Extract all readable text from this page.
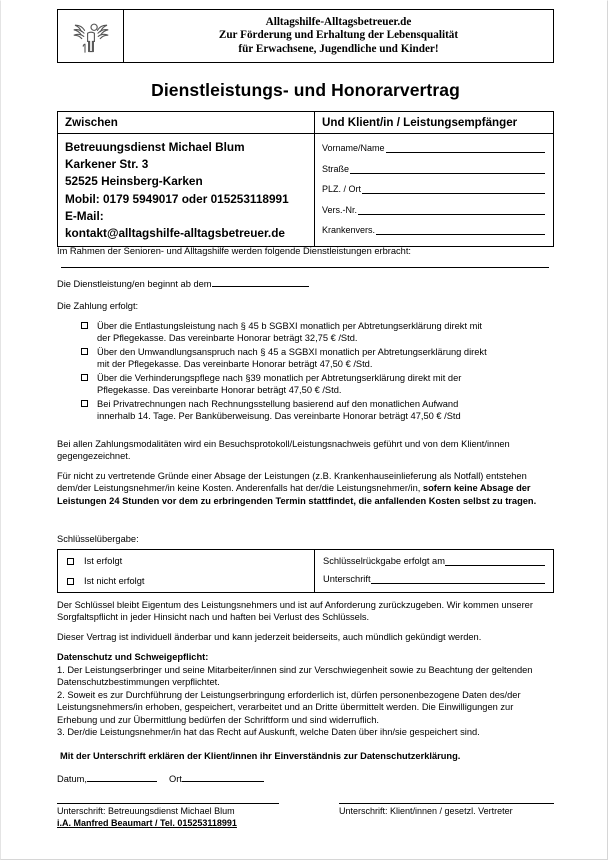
Alltagshilfe-Alltagsbetreuer.de
Zur Förderung und Erhaltung der Lebensqualität
für Erwachsene, Jugendliche und Kinder!
Dienstleistungs- und Honorarvertrag
Zwischen	Und Klient/in / Leistungsempfänger
Betreuungsdienst Michael Blum
Karkener Str. 3
52525 Heinsberg-Karken
Mobil: 0179 5949017 oder 015253118991
E-Mail:
kontakt@alltagshilfe-alltagsbetreuer.de
Vorname/Name
Straße
PLZ. / Ort
Vers.-Nr.
Krankenvers.
Im Rahmen der Senioren- und Alltagshilfe werden folgende Dienstleistungen erbracht:
Die Dienstleistung/en beginnt ab dem
Die Zahlung erfolgt:
Über die Entlastungsleistung nach § 45 b SGBXI monatlich per Abtretungserklärung direkt mit der Pflegekasse. Das vereinbarte Honorar beträgt 32,75 € /Std.
Über den Umwandlungsanspruch nach § 45 a SGBXI monatlich per Abtretungserklärung direkt mit der Pflegekasse. Das vereinbarte Honorar beträgt 47,50 € /Std.
Über die Verhinderungspflege nach §39 monatlich per Abtretungserklärung direkt mit der Pflegekasse. Das vereinbarte Honorar beträgt 47,50 € /Std.
Bei Privatrechnungen nach Rechnungsstellung basierend auf den monatlichen Aufwand innerhalb 14. Tage. Per Banküberweisung. Das vereinbarte Honorar beträgt 47,50 € /Std
Bei allen Zahlungsmodalitäten wird ein Besuchsprotokoll/Leistungsnachweis geführt und von dem Klient/innen gegengezeichnet.
Für nicht zu vertretende Gründe einer Absage der Leistungen (z.B. Krankenhauseinlieferung als Notfall) entstehen dem/der Leistungsnehmer/in keine Kosten. Anderenfalls hat der/die Leistungsnehmer/in, sofern keine Absage der Leistungen 24 Stunden vor dem zu erbringenden Termin stattfindet, die anfallenden Kosten selbst zu tragen.
Schlüsselübergabe:
Ist erfolgt
Ist nicht erfolgt
Schlüsselrückgabe erfolgt am
Unterschrift
Der Schlüssel bleibt Eigentum des Leistungsnehmers und ist auf Anforderung zurückzugeben. Wir kommen unserer Sorgfaltspflicht in jeder Hinsicht nach und haften bei Verlust des Schlüssels.
Dieser Vertrag ist individuell änderbar und kann jederzeit beiderseits, auch mündlich gekündigt werden.
Datenschutz und Schweigepflicht:
1. Der Leistungserbringer und seine Mitarbeiter/innen sind zur Verschwiegenheit sowie zu Beachtung der geltenden Datenschutzbestimmungen verpflichtet.
2. Soweit es zur Durchführung der Leistungserbringung erforderlich ist, dürfen personenbezogene Daten des/der Leistungsnehmers/in erhoben, gespeichert, verarbeitet und an Dritte übermittelt werden. Die Einwilligungen zur Erhebung und zur Übermittlung bedürfen der Schriftform und sind widerruflich.
3. Der/die Leistungsnehmer/in hat das Recht auf Auskunft, welche Daten über ihn/sie gespeichert sind.
Mit der Unterschrift erklären der Klient/innen ihr Einverständnis zur Datenschutzerklärung.
Datum,	Ort
Unterschrift: Betreuungsdienst Michael Blum
i.A. Manfred Beaumart / Tel. 015253118991
Unterschrift: Klient/innen / gesetzl. Vertreter
